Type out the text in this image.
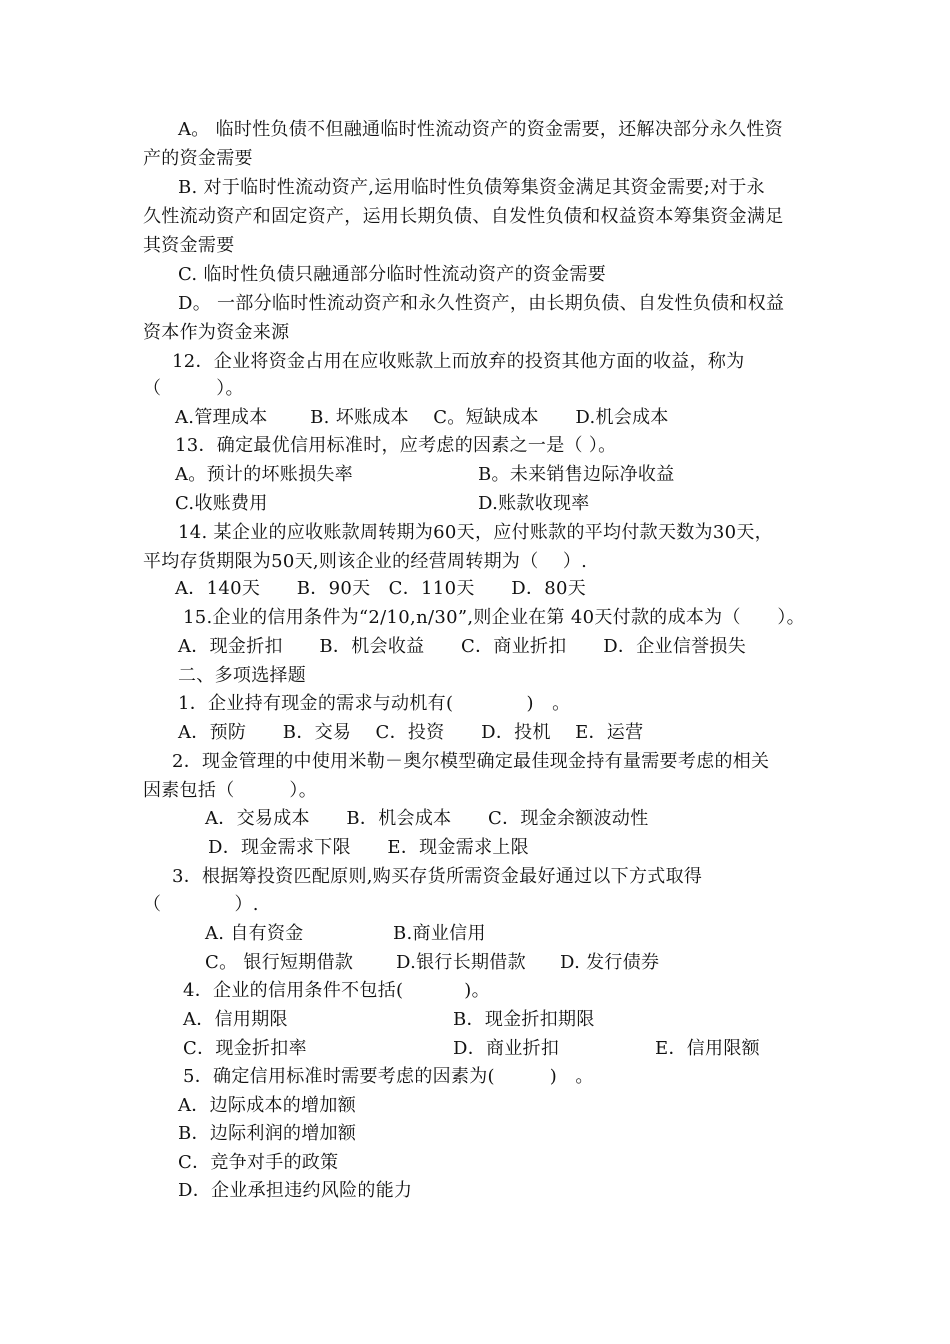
A。 临时性负债不但融通临时性流动资产的资金需要，还解决部分永久性资
产的资金需要
B. 对于临时性流动资产,运用临时性负债筹集资金满足其资金需要;对于永
久性流动资产和固定资产，运用长期负债、自发性负债和权益资本筹集资金满足
其资金需要
C. 临时性负债只融通部分临时性流动资产的资金需要
D。 一部分临时性流动资产和永久性资产，由长期负债、自发性负债和权益
资本作为资金来源
12．企业将资金占用在应收账款上而放弃的投资其他方面的收益，称为
（　　　）。
A.管理成本　　 B. 坏账成本　 C。短缺成本　　D.机会成本
13．确定最优信用标准时，应考虑的因素之一是（ ）。
A。预计的坏账损失率	B。未来销售边际净收益
C.收账费用	D.账款收现率
14. 某企业的应收账款周转期为60天，应付账款的平均付款天数为30天，
平均存货期限为50天,则该企业的经营周转期为（　 ）.
A．140天　　B．90天　C．110天　　D．80天
15.企业的信用条件为“2/10,n/30”,则企业在第 40天付款的成本为（　　）。
A．现金折扣　　B．机会收益　　C．商业折扣　　D．企业信誉损失
二、多项选择题
1．企业持有现金的需求与动机有(　　　　)　。
A．预防　　B．交易　 C．投资　　D．投机　 E．运营
2．现金管理的中使用米勒－奥尔模型确定最佳现金持有量需要考虑的相关
因素包括（　　　）。
A．交易成本　　B．机会成本　　C．现金余额波动性
D．现金需求下限　　E．现金需求上限
3．根据筹投资匹配原则,购买存货所需资金最好通过以下方式取得
（　　　　）.
A. 自有资金	B.商业信用
C。 银行短期借款 D.银行长期借款 D. 发行债券
4．企业的信用条件不包括(　　　 )。
A．信用期限	B．现金折扣期限
C．现金折扣率	D．商业折扣	E．信用限额
5．确定信用标准时需要考虑的因素为(　　　)　。
A．边际成本的增加额
B．边际利润的增加额
C．竞争对手的政策
D．企业承担违约风险的能力
